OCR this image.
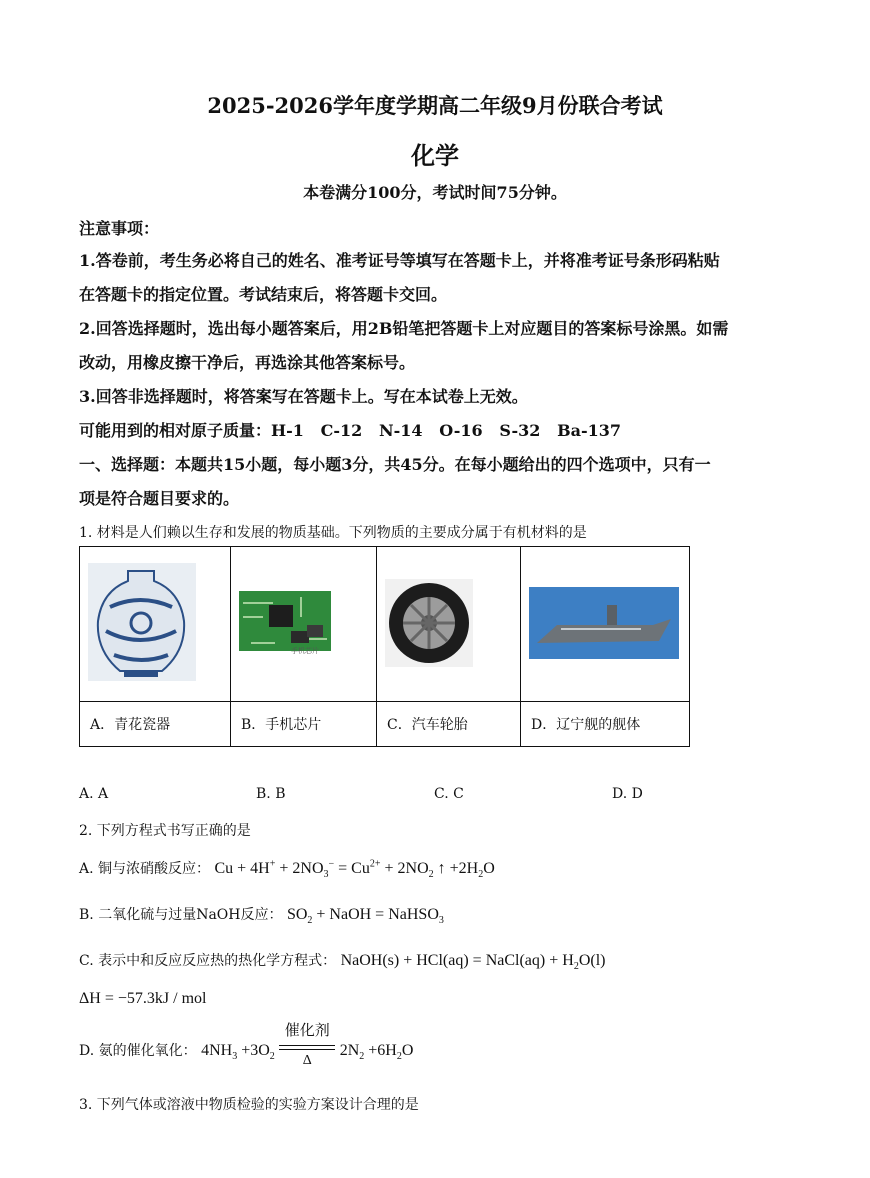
2025-2026学年度学期高二年级9月份联合考试
化学
本卷满分100分，考试时间75分钟。
注意事项：
1.答卷前，考生务必将自己的姓名、准考证号等填写在答题卡上，并将准考证号条形码粘贴
在答题卡的指定位置。考试结束后，将答题卡交回。
2.回答选择题时，选出每小题答案后，用2B铅笔把答题卡上对应题目的答案标号涂黑。如需
改动，用橡皮擦干净后，再选涂其他答案标号。
3.回答非选择题时，将答案写在答题卡上。写在本试卷上无效。
可能用到的相对原子质量：H-1   C-12   N-14   O-16   S-32   Ba-137
一、选择题：本题共15小题，每小题3分，共45分。在每小题给出的四个选项中，只有一
项是符合题目要求的。
1. 材料是人们赖以生存和发展的物质基础。下列物质的主要成分属于有机材料的是

手机芯片

A．青花瓷器	B．手机芯片	C．汽车轮胎	D．辽宁舰的舰体
A. A	B. B	C. C	D. D
2. 下列方程式书写正确的是
A. 铜与浓硝酸反应： $Cu + 4H^+ + 2NO_3^- = Cu^{2+} + 2NO_2$ ↑ $+2H_2O$
B. 二氧化硫与过量NaOH反应： $SO_2$ + NaOH = NaHSO$_3$
C. 表示中和反应反应热的热化学方程式： NaOH(s) + HCl(aq) = NaCl(aq) + $H_2O(l)$
ΔH = −57.3kJ / mol
D. 氨的催化氧化： $4NH_3 +3O_2$
催化剂
Δ
$2N_2 +6H_2O$
3. 下列气体或溶液中物质检验的实验方案设计合理的是
